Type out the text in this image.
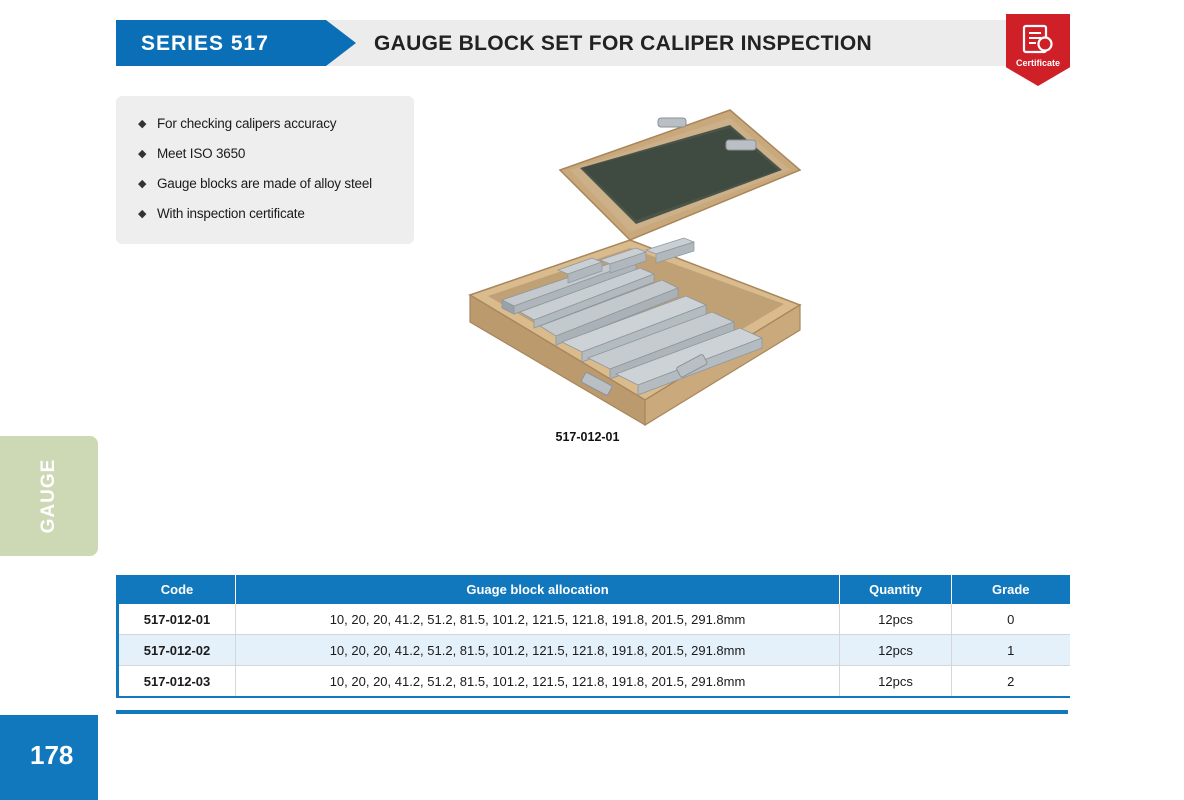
SERIES 517	GAUGE BLOCK SET FOR CALIPER INSPECTION
Certificate
◆ For checking calipers accuracy
◆ Meet ISO 3650
◆ Gauge blocks are made of alloy steel
◆ With inspection certificate
517-012-01
GAUGE
Code	Guage block allocation	Quantity	Grade
517-012-01	10, 20, 20, 41.2, 51.2, 81.5, 101.2, 121.5, 121.8, 191.8, 201.5, 291.8mm	12pcs	0
517-012-02	10, 20, 20, 41.2, 51.2, 81.5, 101.2, 121.5, 121.8, 191.8, 201.5, 291.8mm	12pcs	1
517-012-03	10, 20, 20, 41.2, 51.2, 81.5, 101.2, 121.5, 121.8, 191.8, 201.5, 291.8mm	12pcs	2
178
